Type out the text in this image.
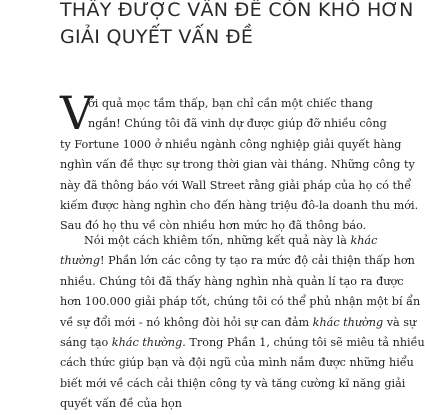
THẤY ĐƯỢC VẤN ĐỀ CÒN KHÓ HƠN
GIẢI QUYẾT VẤN ĐỀ
V
ới quả mọc tầm thấp, bạn chỉ cần một chiếc thang
ngắn! Chúng tôi đã vinh dự được giúp đỡ nhiều công
ty Fortune 1000 ở nhiều ngành công nghiệp giải quyết hàng
nghìn vấn đề thực sự trong thời gian vài tháng. Những công ty
này đã thông báo với Wall Street rằng giải pháp của họ có thể
kiếm được hàng nghìn cho đến hàng triệu đô-la doanh thu mới.
Sau đó họ thu về còn nhiều hơn mức họ đã thông báo.
Nói một cách khiêm tốn, những kết quả này là khác
thường! Phần lớn các công ty tạo ra mức độ cải thiện thấp hơn
nhiều. Chúng tôi đã thấy hàng nghìn nhà quản lí tạo ra được
hơn 100.000 giải pháp tốt, chúng tôi có thể phủ nhận một bí ẩn
về sự đổi mới - nó không đòi hỏi sự can đảm khác thường và sự
sáng tạo khác thường. Trong Phần 1, chúng tôi sẽ miêu tả nhiều
cách thức giúp bạn và đội ngũ của mình nắm được những hiểu
biết mới về cách cải thiện công ty và tăng cường kĩ năng giải
quyết vấn đề của họn
